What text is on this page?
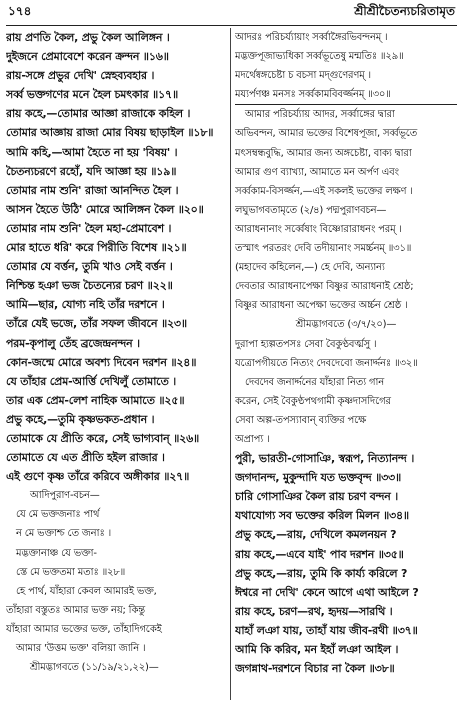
১৭৪	শ্রীশ্রীচৈতন্যচরিতামৃত
রায় প্রণতি কৈল, প্রভু কৈল আলিঙ্গন ।
দুইজনে প্রেমাবেশে করেন ক্রন্দন ॥১৬॥
রায়-সঙ্গে প্রভুর দেখি' স্নেহব্যবহার ।
সর্ব্ব ভক্তগণের মনে হৈল চমৎকার ॥১৭॥
রায় কহে,—তোমার আজ্ঞা রাজাকে কহিল ।
তোমার আজ্ঞায় রাজা মোর বিষয় ছাড়াইল ॥১৮॥
আমি কহি,—আমা হৈতে না হয় 'বিষয়' ।
চৈতন্যচরণে রহোঁ, যদি আজ্ঞা হয় ॥১৯॥
তোমার নাম শুনি' রাজা আনন্দিত হৈল ।
আসন হৈতে উঠি' মোরে আলিঙ্গন কৈল ॥২০॥
তোমার নাম শুনি' হৈল মহা-প্রেমাবেশ ।
মোর হাতে ধরি' করে পিরীতি বিশেষ ॥২১॥
তোমার যে বর্ত্তন, তুমি খাও সেই বর্ত্তন ।
নিশ্চিন্ত হঞা ভজ চৈতন্যের চরণ ॥২২॥
আমি—ছার, যোগ্য নহি তাঁর দরশনে ।
তাঁরে যেই ভজে, তাঁর সফল জীবনে ॥২৩॥
পরম-কৃপালু তেঁহ ব্রজেন্দ্রনন্দন ।
কোন-জন্মে মোরে অবশ্য দিবেন দরশন ॥২৪॥
যে তাঁহার প্রেম-আর্ত্তি দেখিলুঁ তোমাতে ।
তার এক প্রেম-লেশ নাহিক আমাতে ॥২৫॥
প্রভু কহে,—তুমি কৃষ্ণভকত-প্রধান ।
তোমাকে যে প্রীতি করে, সেই ভাগ্যবান্ ॥২৬॥
তোমাতে যে এত প্রীতি হইল রাজার ।
এই গুণে কৃষ্ণ তাঁরে করিবে অঙ্গীকার ॥২৭॥
আদিপুরাণ-বচন—
যে মে ভক্তজনাঃ পার্থ
ন মে ভক্তাশ্চ তে জনাঃ ।
মদ্ভক্তানাঞ্চ যে ভক্তা-
স্তে মে ভক্ততমা মতাঃ ॥২৮॥
হে পার্থ, যাঁহারা কেবল আমারই ভক্ত,
তাঁহারা বস্তুতঃ আমার ভক্ত নয়; কিন্তু
যাঁহারা আমার ভক্তের ভক্ত, তাঁহাদিগকেই
আমার 'উত্তম ভক্ত' বলিয়া জানি ।
শ্রীমদ্ভাগবতে (১১/১৯/২১,২২)—
আদরঃ পরিচর্য্যায়াং সর্ব্বাঙ্গৈরভিবন্দনম্ ।
মদ্ভক্তপূজাভ্যধিকা সর্ব্বভূতেষু মন্মতিঃ ॥২৯॥
মদর্থেষ্বঙ্গচেষ্টা চ বচসা মদ্গুণেরণম্ ।
ময্যর্পণঞ্চ মনসঃ সর্ব্বকামবিবর্জ্জনম্ ॥৩০॥
আমার পরিচর্য্যায় আদর, সর্ব্বাঙ্গের দ্বারা
অভিবন্দন, আমার ভক্তের বিশেষপূজা, সর্ব্বভূতে
মৎসম্বন্ধবুদ্ধি, আমার জন্য অঙ্গচেষ্টা, বাক্য দ্বারা
আমার গুণ ব্যাখ্যা, আমাতে মন অর্পণ এবং
সর্ব্বকাম-বিসর্জ্জন,—এই সকলই ভক্তের লক্ষণ ।
লঘুভাগবতামৃতে (২/৪) পদ্মপুরাণবচন—
আরাধনানাং সর্ব্বেষাং বিষ্ণোরারাধনং পরম্ ।
তস্মাৎ পরতরং দেবি তদীয়ানাং সমর্চ্চনম্ ॥৩১॥
(মহাদেব কহিলেন,—) হে দেবি, অন্যান্য
দেবতার আরাধনাপেক্ষা বিষ্ণুর আরাধনাই শ্রেষ্ঠ;
বিষ্ণুর আরাধনা অপেক্ষা ভক্তের অর্চ্চন শ্রেষ্ঠ ।
শ্রীমদ্ভাগবতে (৩/৭/২০)—
দুরাপা হ্যল্পতপসঃ সেবা বৈকুণ্ঠবর্ত্মসু ।
যত্রোপগীয়তে নিত্যং দেবদেবো জনার্দ্দনঃ ॥৩২॥
দেবদেব জনার্দ্দনের যাঁহারা নিত্য গান
করেন, সেই বৈকুণ্ঠপথগামী কৃষ্ণদাসদিগের
সেবা অল্প-তপস্যাবান্ ব্যক্তির পক্ষে
অপ্রাপ্য ।
পুরী, ভারতী-গোসাঞি, স্বরূপ, নিত্যানন্দ ।
জগদানন্দ, মুকুন্দাদি যত ভক্তবৃন্দ ॥৩৩॥
চারি গোসাঞির কৈল রায় চরণ বন্দন ।
যথাযোগ্য সব ভক্তের করিল মিলন ॥৩৪॥
প্রভু কহে,—রায়, দেখিলে কমলনয়ন ?
রায় কহে,—এবে যাই' পাব দরশন ॥৩৫॥
প্রভু কহে,—রায়, তুমি কি কার্য্য করিলে ?
ঈশ্বরে না দেখি' কেনে আগে এথা আইলে ?
রায় কহে, চরণ—রথ, হৃদয়—সারথি ।
যাহাঁ লঞা যায়, তাহাঁ যায় জীব-রথী ॥৩৭॥
আমি কি করিব, মন ইহাঁ লঞা আইল ।
জগন্নাথ-দরশনে বিচার না কৈল ॥৩৮॥
